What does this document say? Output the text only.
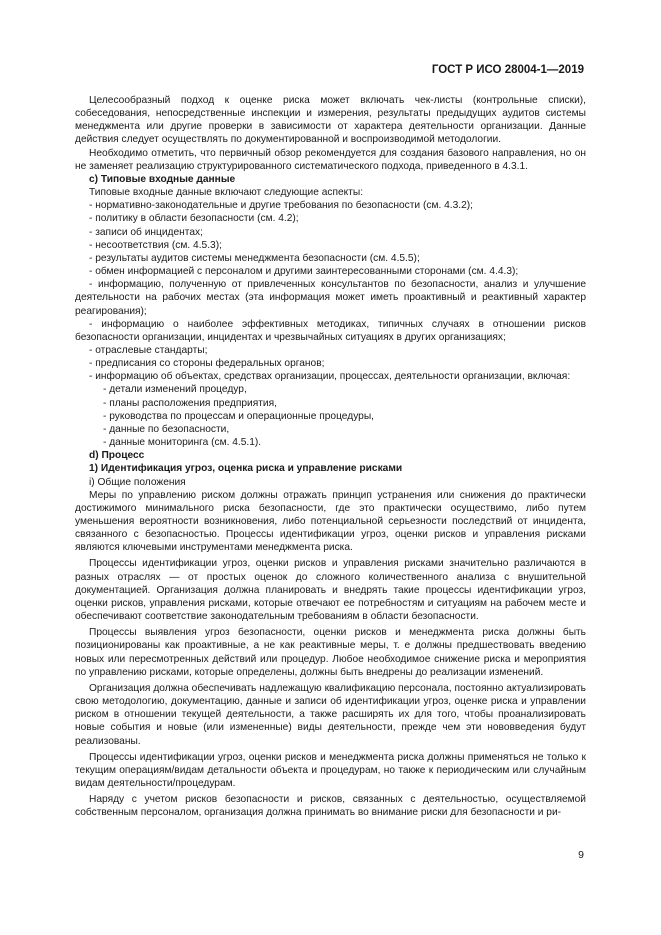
ГОСТ Р ИСО 28004-1—2019

Целесообразный подход к оценке риска может включать чек-листы (контрольные списки), собеседования, непосредственные инспекции и измерения, результаты предыдущих аудитов системы менеджмента или другие проверки в зависимости от характера деятельности организации. Данные действия следует осуществлять по документированной и воспроизводимой методологии.

Необходимо отметить, что первичный обзор рекомендуется для создания базового направления, но он не заменяет реализацию структурированного систематического подхода, приведенного в 4.3.1.

c) Типовые входные данные

Типовые входные данные включают следующие аспекты:

- нормативно-законодательные и другие требования по безопасности (см. 4.3.2);

- политику в области безопасности (см. 4.2);

- записи об инцидентах;

- несоответствия (см. 4.5.3);

- результаты аудитов системы менеджмента безопасности (см. 4.5.5);

- обмен информацией с персоналом и другими заинтересованными сторонами (см. 4.4.3);

- информацию, полученную от привлеченных консультантов по безопасности, анализ и улучшение деятельности на рабочих местах (эта информация может иметь проактивный и реактивный характер реагирования);

- информацию о наиболее эффективных методиках, типичных случаях в отношении рисков безопасности организации, инцидентах и чрезвычайных ситуациях в других организациях;

- отраслевые стандарты;

- предписания со стороны федеральных органов;

- информацию об объектах, средствах организации, процессах, деятельности организации, включая:

- детали изменений процедур,

- планы расположения предприятия,

- руководства по процессам и операционные процедуры,

- данные по безопасности,

- данные мониторинга (см. 4.5.1).

d) Процесс

1) Идентификация угроз, оценка риска и управление рисками

i) Общие положения

Меры по управлению риском должны отражать принцип устранения или снижения до практически достижимого минимального риска безопасности, где это практически осуществимо, либо путем уменьшения вероятности возникновения, либо потенциальной серьезности последствий от инцидента, связанного с безопасностью. Процессы идентификации угроз, оценки рисков и управления рисками являются ключевыми инструментами менеджмента риска.

Процессы идентификации угроз, оценки рисков и управления рисками значительно различаются в разных отраслях — от простых оценок до сложного количественного анализа с внушительной документацией. Организация должна планировать и внедрять такие процессы идентификации угроз, оценки рисков, управления рисками, которые отвечают ее потребностям и ситуациям на рабочем месте и обеспечивают соответствие законодательным требованиям в области безопасности.

Процессы выявления угроз безопасности, оценки рисков и менеджмента риска должны быть позиционированы как проактивные, а не как реактивные меры, т. е должны предшествовать введению новых или пересмотренных действий или процедур. Любое необходимое снижение риска и мероприятия по управлению рисками, которые определены, должны быть внедрены до реализации изменений.

Организация должна обеспечивать надлежащую квалификацию персонала, постоянно актуализировать свою методологию, документацию, данные и записи об идентификации угроз, оценке риска и управлении риском в отношении текущей деятельности, а также расширять их для того, чтобы проанализировать новые события и новые (или измененные) виды деятельности, прежде чем эти нововведения будут реализованы.

Процессы идентификации угроз, оценки рисков и менеджмента риска должны применяться не только к текущим операциям/видам детальности объекта и процедурам, но также к периодическим или случайным видам деятельности/процедурам.

Наряду с учетом рисков безопасности и рисков, связанных с деятельностью, осуществляемой собственным персоналом, организация должна принимать во внимание риски для безопасности и ри-

9
